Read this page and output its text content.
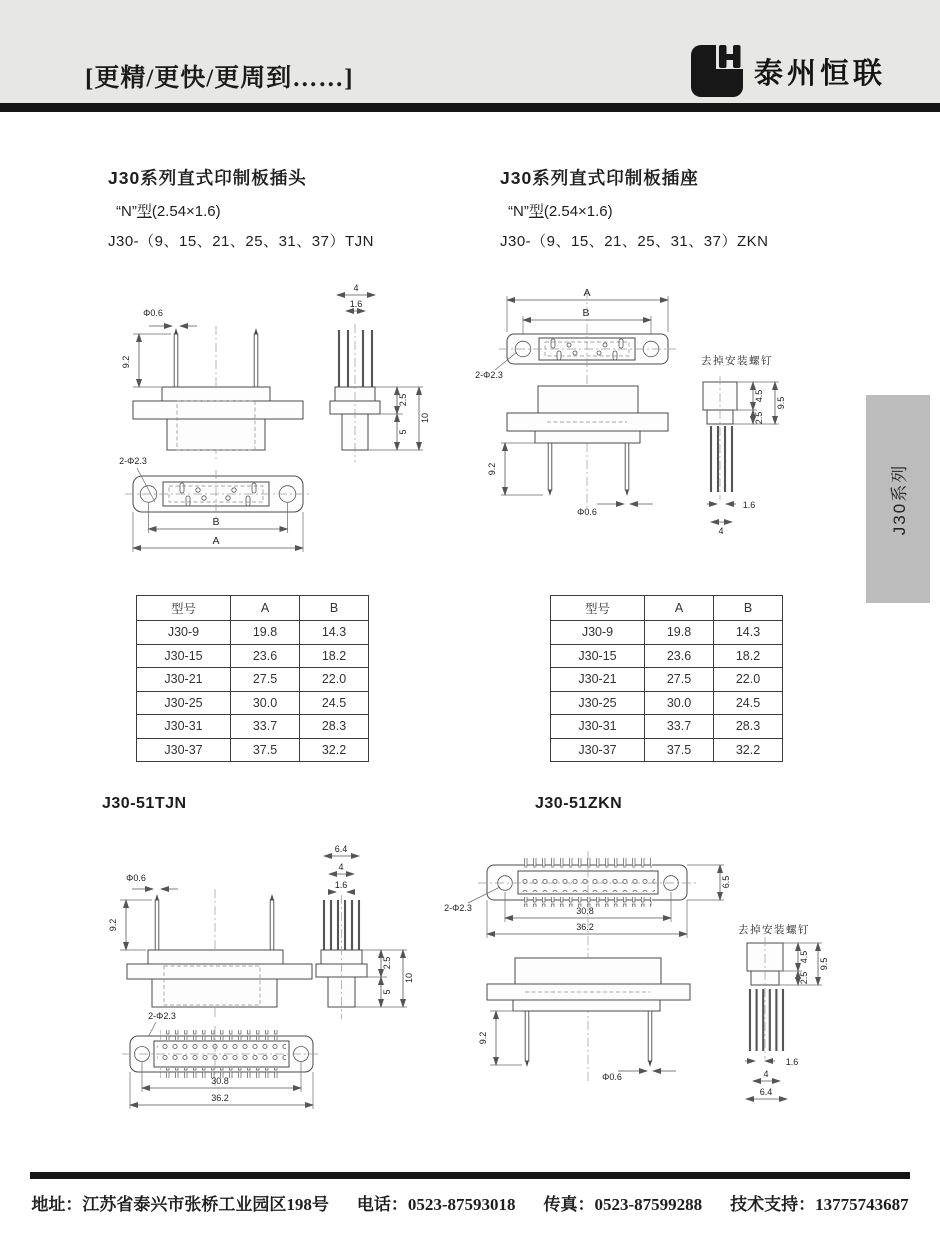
[更精/更快/更周到……]	泰州恒联
J30系列直式印制板插头
“N”型(2.54×1.6)
J30-（9、15、21、25、31、37）TJN
J30系列直式印制板插座
“N”型(2.54×1.6)
J30-（9、15、21、25、31、37）ZKN
Φ0.6
9.2
2-Φ2.3
B
A
4
1.6
2.5
5
10
A
B
2-Φ2.3
9.2
Φ0.6
去掉安装螺钉
4.5
2.5
9.5
1.6
4	J30系列
型号	A	B
J30-9	19.8	14.3
J30-15	23.6	18.2
J30-21	27.5	22.0
J30-25	30.0	24.5
J30-31	33.7	28.3
J30-37	37.5	32.2
型号	A	B
J30-9	19.8	14.3
J30-15	23.6	18.2
J30-21	27.5	22.0
J30-25	30.0	24.5
J30-31	33.7	28.3
J30-37	37.5	32.2
J30-51TJN	J30-51ZKN
Φ0.6
9.2
2-Φ2.3
30.8
36.2
6.4
4
1.6
2.5
5
10
2-Φ2.3
6.5
30.8
36.2
9.2
Φ0.6
去掉安装螺钉
4.5
2.5
9.5
1.6
4
6.4
地址：江苏省泰兴市张桥工业园区198号 电话：0523-87593018 传真：0523-87599288 技术支持：13775743687
